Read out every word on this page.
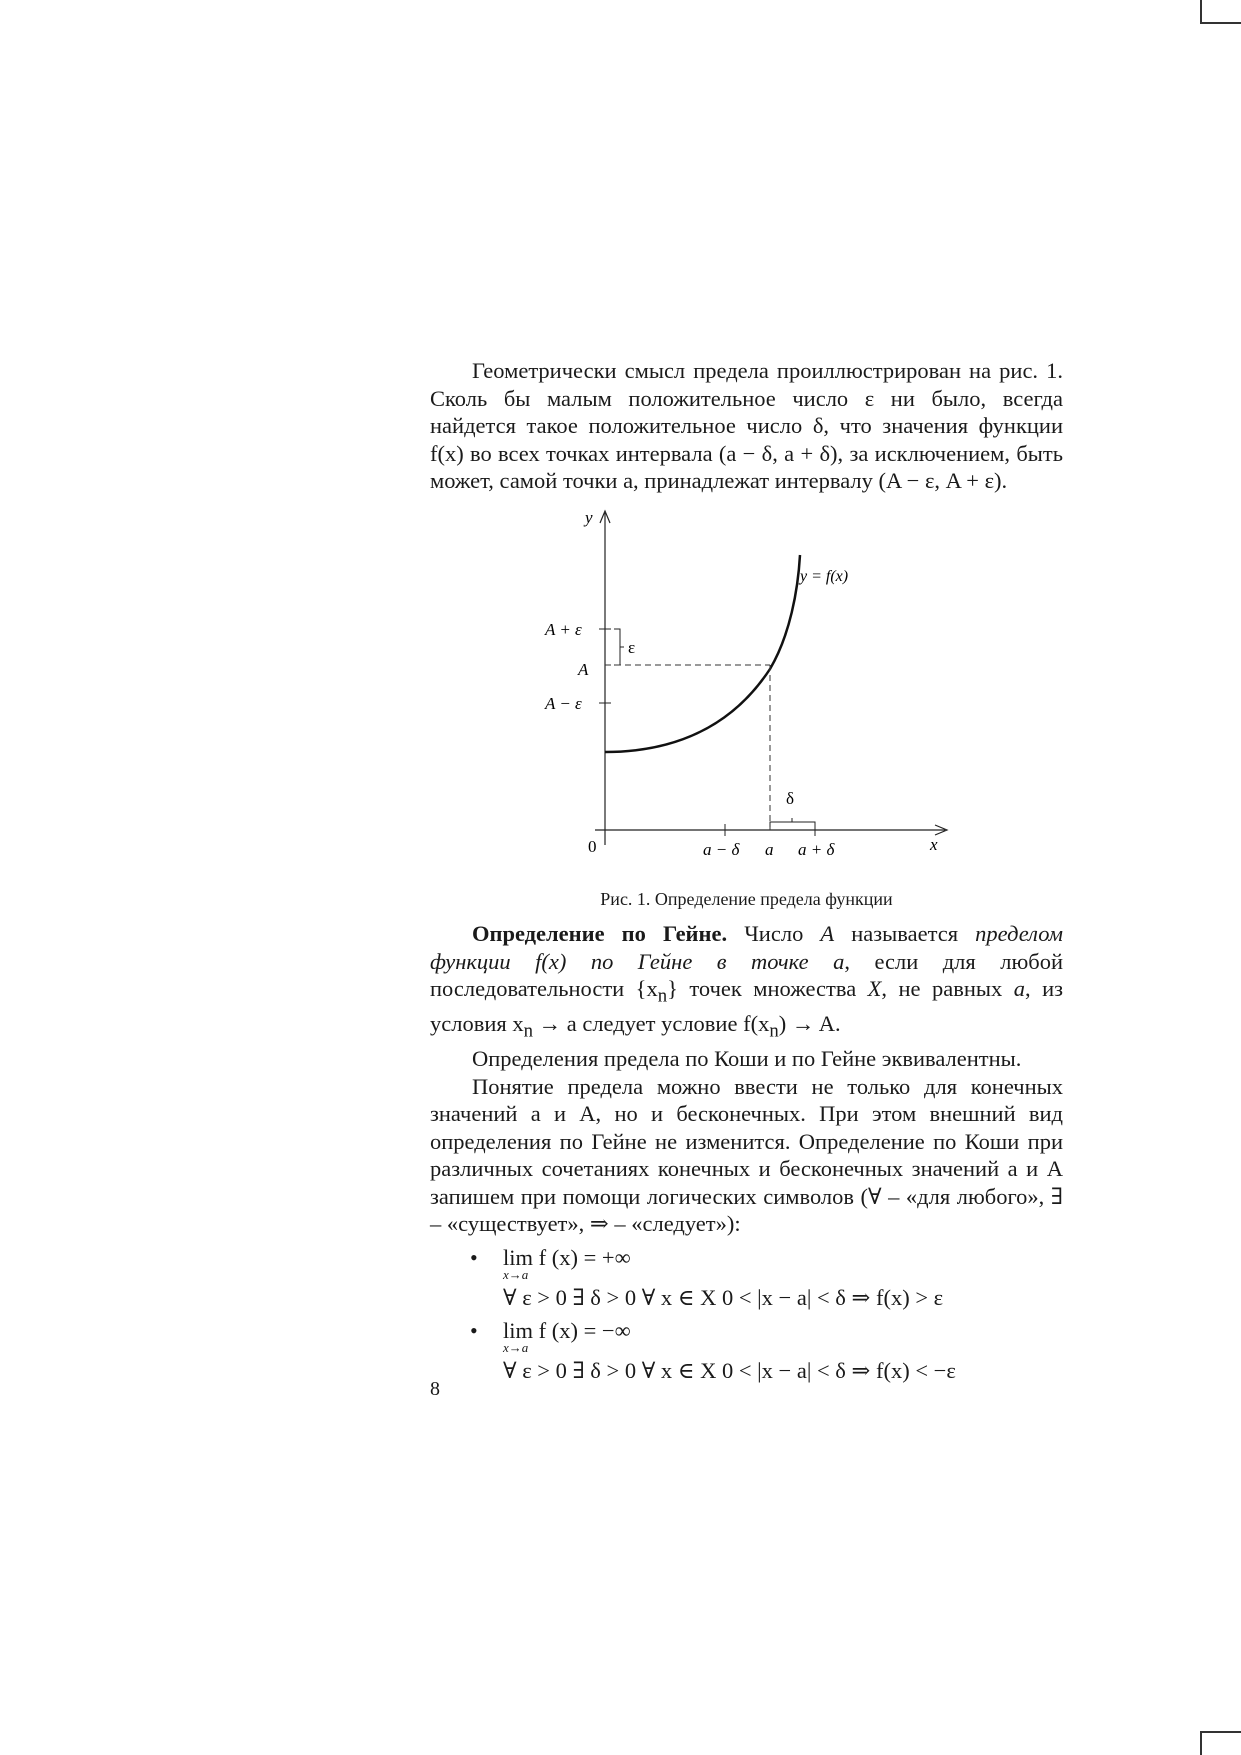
Геометрически смысл предела проиллюстрирован на рис. 1. Сколь бы малым положительное число ε ни было, всегда найдется такое положительное число δ, что значения функции f(x) во всех точках интервала (a − δ, a + δ), за исключением, быть может, самой точки a, принадлежат интервалу (A − ε, A + ε).

y
x
0
y = f(x)
A + ε
A
A − ε
ε
a − δ a a + δ
δ
Рис. 1. Определение предела функции

Определение по Гейне. Число A называется пределом функции f(x) по Гейне в точке a, если для любой последовательности $\{x_n\}$ точек множества X, не равных a, из условия $x_n \to a$ следует условие $f(x_n) \to A$.

Определения предела по Коши и по Гейне эквивалентны.

Понятие предела можно ввести не только для конечных значений a и A, но и бесконечных. При этом внешний вид определения по Гейне не изменится. Определение по Коши при различных сочетаниях конечных и бесконечных значений a и A запишем при помощи логических символов (∀ – «для любого», ∃ – «существует», ⇒ – «следует»):

• lim f (x) = +∞
x→a
∀ ε > 0 ∃ δ > 0 ∀ x ∈ X 0 < |x − a| < δ ⇒ f(x) > ε
• lim f (x) = −∞
x→a
∀ ε > 0 ∃ δ > 0 ∀ x ∈ X 0 < |x − a| < δ ⇒ f(x) < −ε
8
